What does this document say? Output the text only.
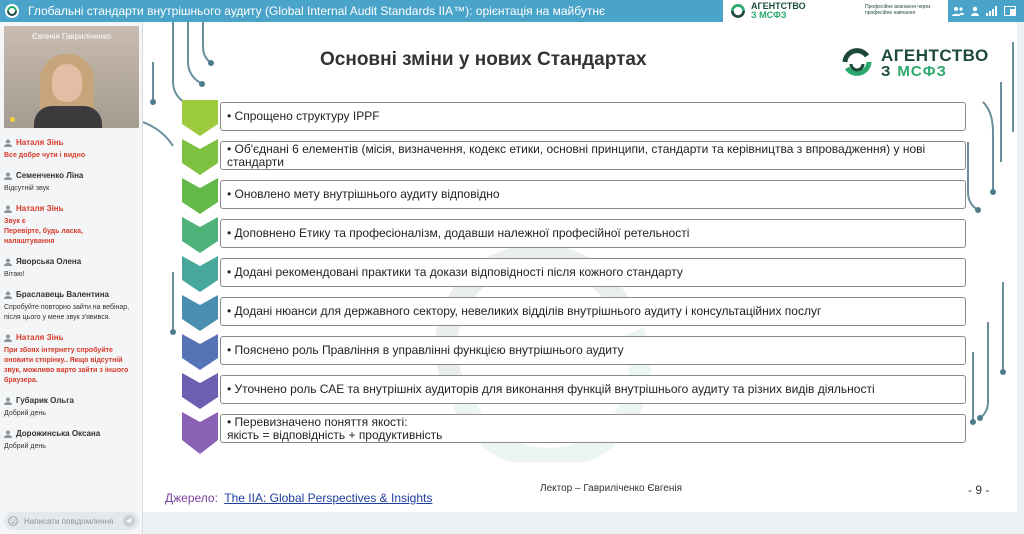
Глобальні стандарти внутрішнього аудиту (Global Internal Audit Standards IIA™): орієнтація на майбутнє	АГЕНТСТВО
З МСФЗ
Професійне визнання через професійне навчання	103
Євгенія Гавриліченко
Наталя Зінь
Все добре чути і видно
Семенченко Ліна
Відсутній звук
Наталя Зінь
Звук є
Перевірте, будь ласка,
налаштування
Яворська Олена
Вітаю!
Браславець Валентина
Спробуйте повторно зайти на вебінар, після цього у мене звук з'явився.
Наталя Зінь
При збоях інтернету спробуйте оновити сторінку.. Якщо відсутній звук, можливо варто зайти з іншого браузера.
Губарик Ольга
Добрий день
Дорожинська Оксана
Добрий день
Написати повідомлення
Основні зміни у нових Стандартах	АГЕНТСТВО
З МСФЗ
• Спрощено структуру IPPF
• Об'єднані 6 елементів (місія, визначення, кодекс етики, основні принципи, стандарти та керівництва з впровадження) у нові стандарти
• Оновлено мету внутрішнього аудиту відповідно
• Доповнено Етику та професіоналізм, додавши належної професійної ретельності
• Додані рекомендовані практики та докази відповідності після кожного стандарту
• Додані нюанси для державного сектору, невеликих відділів внутрішнього аудиту і консультаційних послуг
• Пояснено роль Правління в управлінні функцією внутрішнього аудиту
• Уточнено роль САЕ та внутрішніх аудиторів для виконання функцій внутрішнього аудиту та різних видів діяльності
• Перевизначено поняття якості:
якість = відповідність + продуктивність
Джерело: The IIA: Global Perspectives & Insights
Лектор – Гавриліченко Євгенія	- 9 -
